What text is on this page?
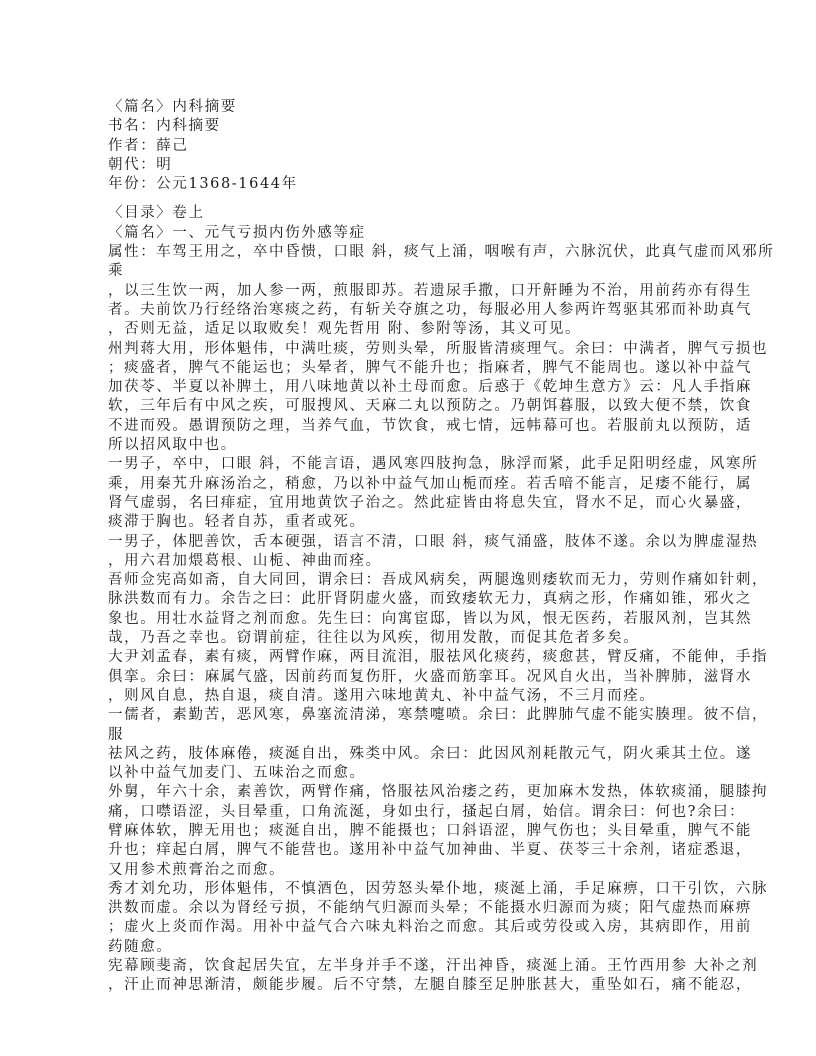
〈篇名〉内科摘要
书名：内科摘要
作者：薛己
朝代：明
年份：公元1368-1644年
〈目录〉卷上
〈篇名〉一、元气亏损内伤外感等症
属性：车驾王用之，卒中昏愦，口眼 斜，痰气上涌，咽喉有声，六脉沉伏，此真气虚而风邪所
乘
，以三生饮一两，加人参一两，煎服即苏。若遗尿手撒，口开鼾睡为不治，用前药亦有得生
者。夫前饮乃行经络治寒痰之药，有斩关夺旗之功，每服必用人参两许驾驱其邪而补助真气
，否则无益，适足以取败矣！观先哲用 附、参附等汤，其义可见。
州判蒋大用，形体魁伟，中满吐痰，劳则头晕，所服皆清痰理气。余曰：中满者，脾气亏损也
；痰盛者，脾气不能运也；头晕者，脾气不能升也；指麻者，脾气不能周也。遂以补中益气
加茯苓、半夏以补脾土，用八味地黄以补土母而愈。后惑于《乾坤生意方》云：凡人手指麻
软，三年后有中风之疾，可服搜风、天麻二丸以预防之。乃朝饵暮服，以致大便不禁，饮食
不进而殁。愚谓预防之理，当养气血，节饮食，戒七情，远帏幕可也。若服前丸以预防，适
所以招风取中也。
一男子，卒中，口眼 斜，不能言语，遇风寒四肢拘急，脉浮而紧，此手足阳明经虚，风寒所
乘，用秦艽升麻汤治之，稍愈，乃以补中益气加山栀而痊。若舌喑不能言，足痿不能行，属
肾气虚弱，名曰痱症，宜用地黄饮子治之。然此症皆由将息失宜，肾水不足，而心火暴盛，
痰滞于胸也。轻者自苏，重者或死。
一男子，体肥善饮，舌本硬强，语言不清，口眼 斜，痰气涌盛，肢体不遂。余以为脾虚湿热
，用六君加煨葛根、山栀、神曲而痊。
吾师佥宪高如斋，自大同回，谓余曰：吾成风病矣，两腿逸则痿软而无力，劳则作痛如针刺，
脉洪数而有力。余告之曰：此肝肾阴虚火盛，而致痿软无力，真病之形，作痛如锥，邪火之
象也。用壮水益肾之剂而愈。先生曰：向寓宦邸，皆以为风，恨无医药，若服风剂，岂其然
哉，乃吾之幸也。窃谓前症，往往以为风疾，彻用发散，而促其危者多矣。
大尹刘孟春，素有痰，两臂作麻，两目流泪，服祛风化痰药，痰愈甚，臂反痛，不能伸，手指
俱挛。余曰：麻属气盛，因前药而复伤肝，火盛而筋挛耳。况风自火出，当补脾肺，滋肾水
，则风自息，热自退，痰自清。遂用六味地黄丸、补中益气汤，不三月而痊。
一儒者，素勤苦，恶风寒，鼻塞流清涕，寒禁嚏喷。余曰：此脾肺气虚不能实腠理。彼不信，
服
祛风之药，肢体麻倦，痰涎自出，殊类中风。余曰：此因风剂耗散元气，阴火乘其土位。遂
以补中益气加麦门、五味治之而愈。
外舅，年六十余，素善饮，两臂作痛，恪服祛风治痿之药，更加麻木发热，体软痰涌，腿膝拘
痛，口噤语涩，头目晕重，口角流涎，身如虫行，搔起白屑，始信。谓余曰：何也?余曰：
臂麻体软，脾无用也；痰涎自出，脾不能摄也；口斜语涩，脾气伤也；头目晕重，脾气不能
升也；痒起白屑，脾气不能营也。遂用补中益气加神曲、半夏、茯苓三十余剂，诸症悉退，
又用参术煎膏治之而愈。
秀才刘允功，形体魁伟，不慎酒色，因劳怒头晕仆地，痰涎上涌，手足麻痹，口干引饮，六脉
洪数而虚。余以为肾经亏损，不能纳气归源而头晕；不能摄水归源而为痰；阳气虚热而麻痹
；虚火上炎而作渴。用补中益气合六味丸料治之而愈。其后或劳役或入房，其病即作，用前
药随愈。
宪幕顾斐斋，饮食起居失宜，左半身并手不遂，汗出神昏，痰涎上涌。王竹西用参 大补之剂
，汗止而神思渐清，颇能步履。后不守禁，左腿自膝至足肿胀甚大，重坠如石，痛不能忍，
